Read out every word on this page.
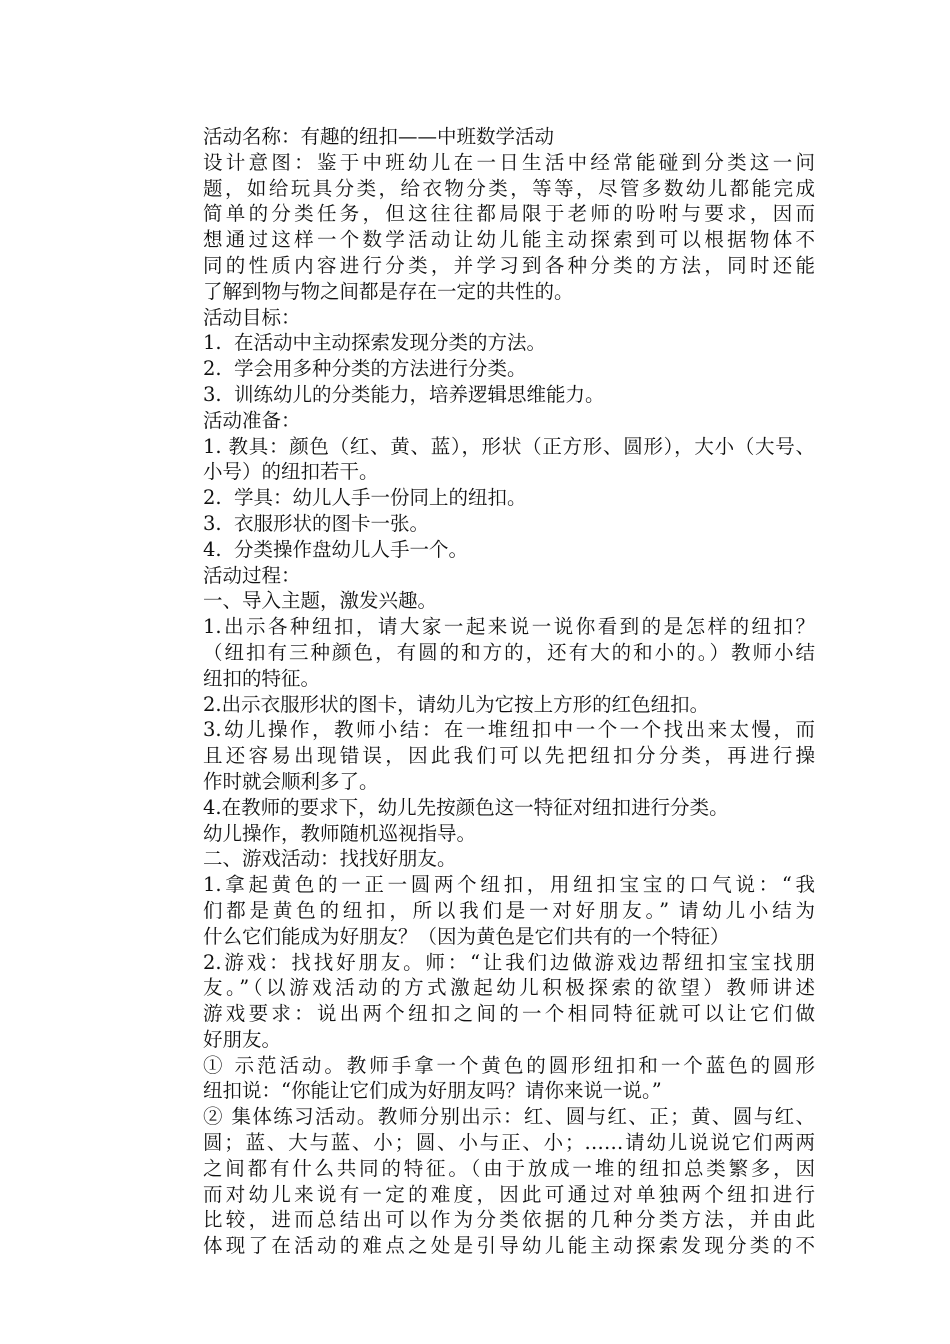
活动名称：有趣的纽扣——中班数学活动
设计意图：鉴于中班幼儿在一日生活中经常能碰到分类这一问
题，如给玩具分类，给衣物分类，等等，尽管多数幼儿都能完成
简单的分类任务，但这往往都局限于老师的吩咐与要求，因而
想通过这样一个数学活动让幼儿能主动探索到可以根据物体不
同的性质内容进行分类，并学习到各种分类的方法，同时还能
了解到物与物之间都是存在一定的共性的。
活动目标：
1.  在活动中主动探索发现分类的方法。
2.  学会用多种分类的方法进行分类。
3.  训练幼儿的分类能力，培养逻辑思维能力。
活动准备：
1. 教具：颜色（红、黄、蓝），形状（正方形、圆形），大小（大号、
小号）的纽扣若干。
2.  学具：幼儿人手一份同上的纽扣。
3.  衣服形状的图卡一张。
4.  分类操作盘幼儿人手一个。
活动过程：
一、导入主题，激发兴趣。
1.出示各种纽扣，请大家一起来说一说你看到的是怎样的纽扣？
（纽扣有三种颜色，有圆的和方的，还有大的和小的。）教师小结
纽扣的特征。
2.出示衣服形状的图卡，请幼儿为它按上方形的红色纽扣。
3.幼儿操作，教师小结：在一堆纽扣中一个一个找出来太慢，而
且还容易出现错误，因此我们可以先把纽扣分分类，再进行操
作时就会顺利多了。
4.在教师的要求下，幼儿先按颜色这一特征对纽扣进行分类。
幼儿操作，教师随机巡视指导。
二、游戏活动：找找好朋友。
1.拿起黄色的一正一圆两个纽扣，用纽扣宝宝的口气说：“我
们都是黄色的纽扣，所以我们是一对好朋友。” 请幼儿小结为
什么它们能成为好朋友？（因为黄色是它们共有的一个特征）
2.游戏：找找好朋友。师：“让我们边做游戏边帮纽扣宝宝找朋
友。”（以游戏活动的方式激起幼儿积极探索的欲望）教师讲述
游戏要求：说出两个纽扣之间的一个相同特征就可以让它们做
好朋友。
① 示范活动。教师手拿一个黄色的圆形纽扣和一个蓝色的圆形
纽扣说：“你能让它们成为好朋友吗？请你来说一说。”
② 集体练习活动。教师分别出示：红、圆与红、正；黄、圆与红、
圆；蓝、大与蓝、小；圆、小与正、小；……请幼儿说说它们两两
之间都有什么共同的特征。（由于放成一堆的纽扣总类繁多，因
而对幼儿来说有一定的难度，因此可通过对单独两个纽扣进行
比较，进而总结出可以作为分类依据的几种分类方法，并由此
体现了在活动的难点之处是引导幼儿能主动探索发现分类的不
